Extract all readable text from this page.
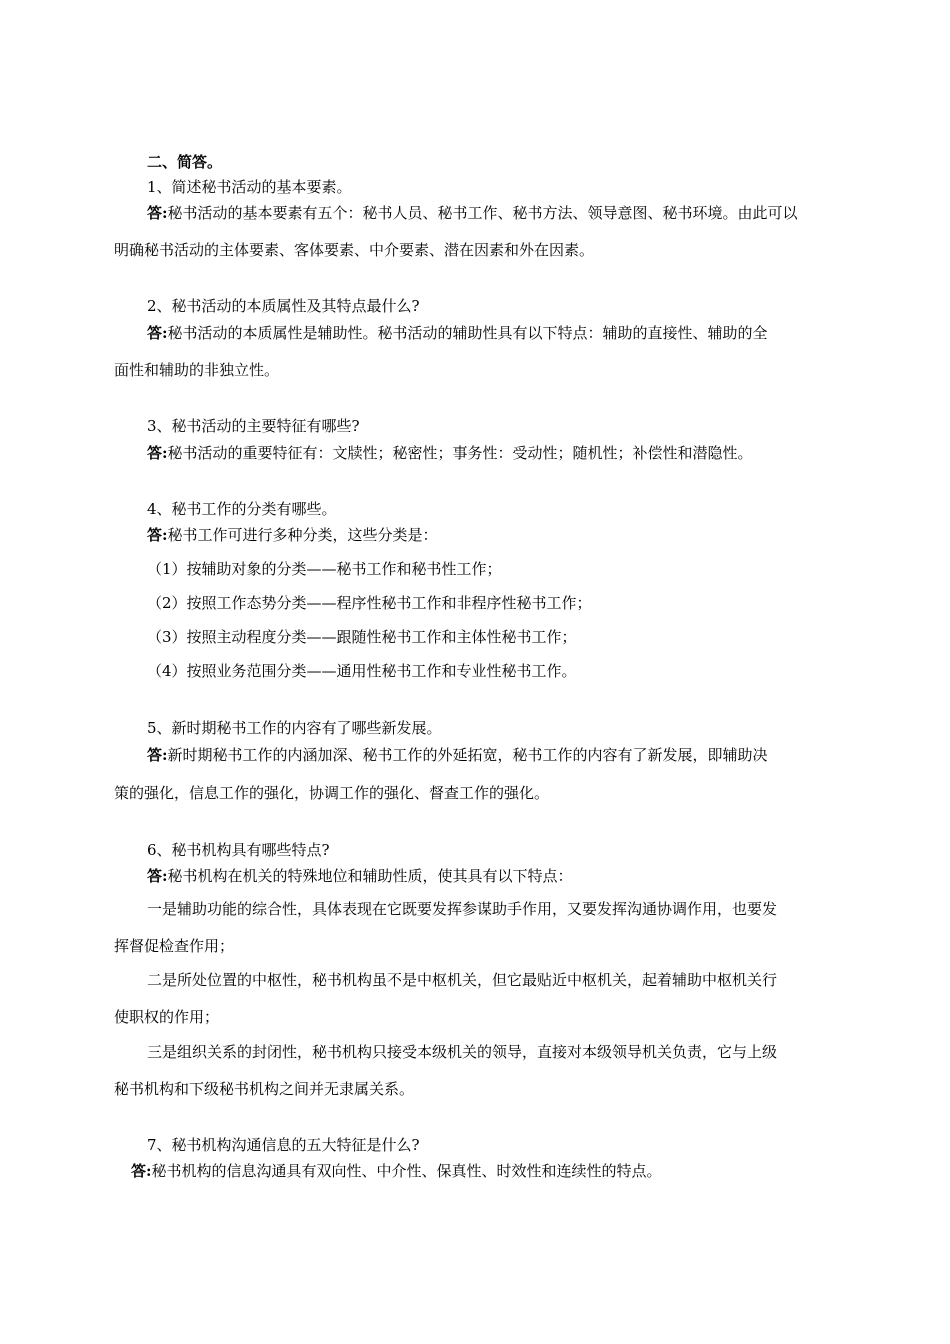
二、简答。
1、简述秘书活动的基本要素。
答:秘书活动的基本要素有五个：秘书人员、秘书工作、秘书方法、领导意图、秘书环境。由此可以
明确秘书活动的主体要素、客体要素、中介要素、潜在因素和外在因素。
2、秘书活动的本质属性及其特点最什么?
答:秘书活动的本质属性是辅助性。秘书活动的辅助性具有以下特点：辅助的直接性、辅助的全
面性和辅助的非独立性。
3、秘书活动的主要特征有哪些?
答:秘书活动的重要特征有：文牍性；秘密性；事务性：受动性；随机性；补偿性和潜隐性。
4、秘书工作的分类有哪些。
答:秘书工作可进行多种分类，这些分类是：
（1）按辅助对象的分类——秘书工作和秘书性工作；
（2）按照工作态势分类——程序性秘书工作和非程序性秘书工作；
（3）按照主动程度分类——跟随性秘书工作和主体性秘书工作；
（4）按照业务范围分类——通用性秘书工作和专业性秘书工作。
5、新时期秘书工作的内容有了哪些新发展。
答:新时期秘书工作的内涵加深、秘书工作的外延拓宽，秘书工作的内容有了新发展，即辅助决
策的强化，信息工作的强化，协调工作的强化、督查工作的强化。
6、秘书机构具有哪些特点?
答:秘书机构在机关的特殊地位和辅助性质，使其具有以下特点：
一是辅助功能的综合性，具体表现在它既要发挥参谋助手作用，又要发挥沟通协调作用，也要发
挥督促检查作用；
二是所处位置的中枢性，秘书机构虽不是中枢机关，但它最贴近中枢机关，起着辅助中枢机关行
使职权的作用；
三是组织关系的封闭性，秘书机构只接受本级机关的领导，直接对本级领导机关负责，它与上级
秘书机构和下级秘书机构之间并无隶属关系。
7、秘书机构沟通信息的五大特征是什么?
答:秘书机构的信息沟通具有双向性、中介性、保真性、时效性和连续性的特点。
